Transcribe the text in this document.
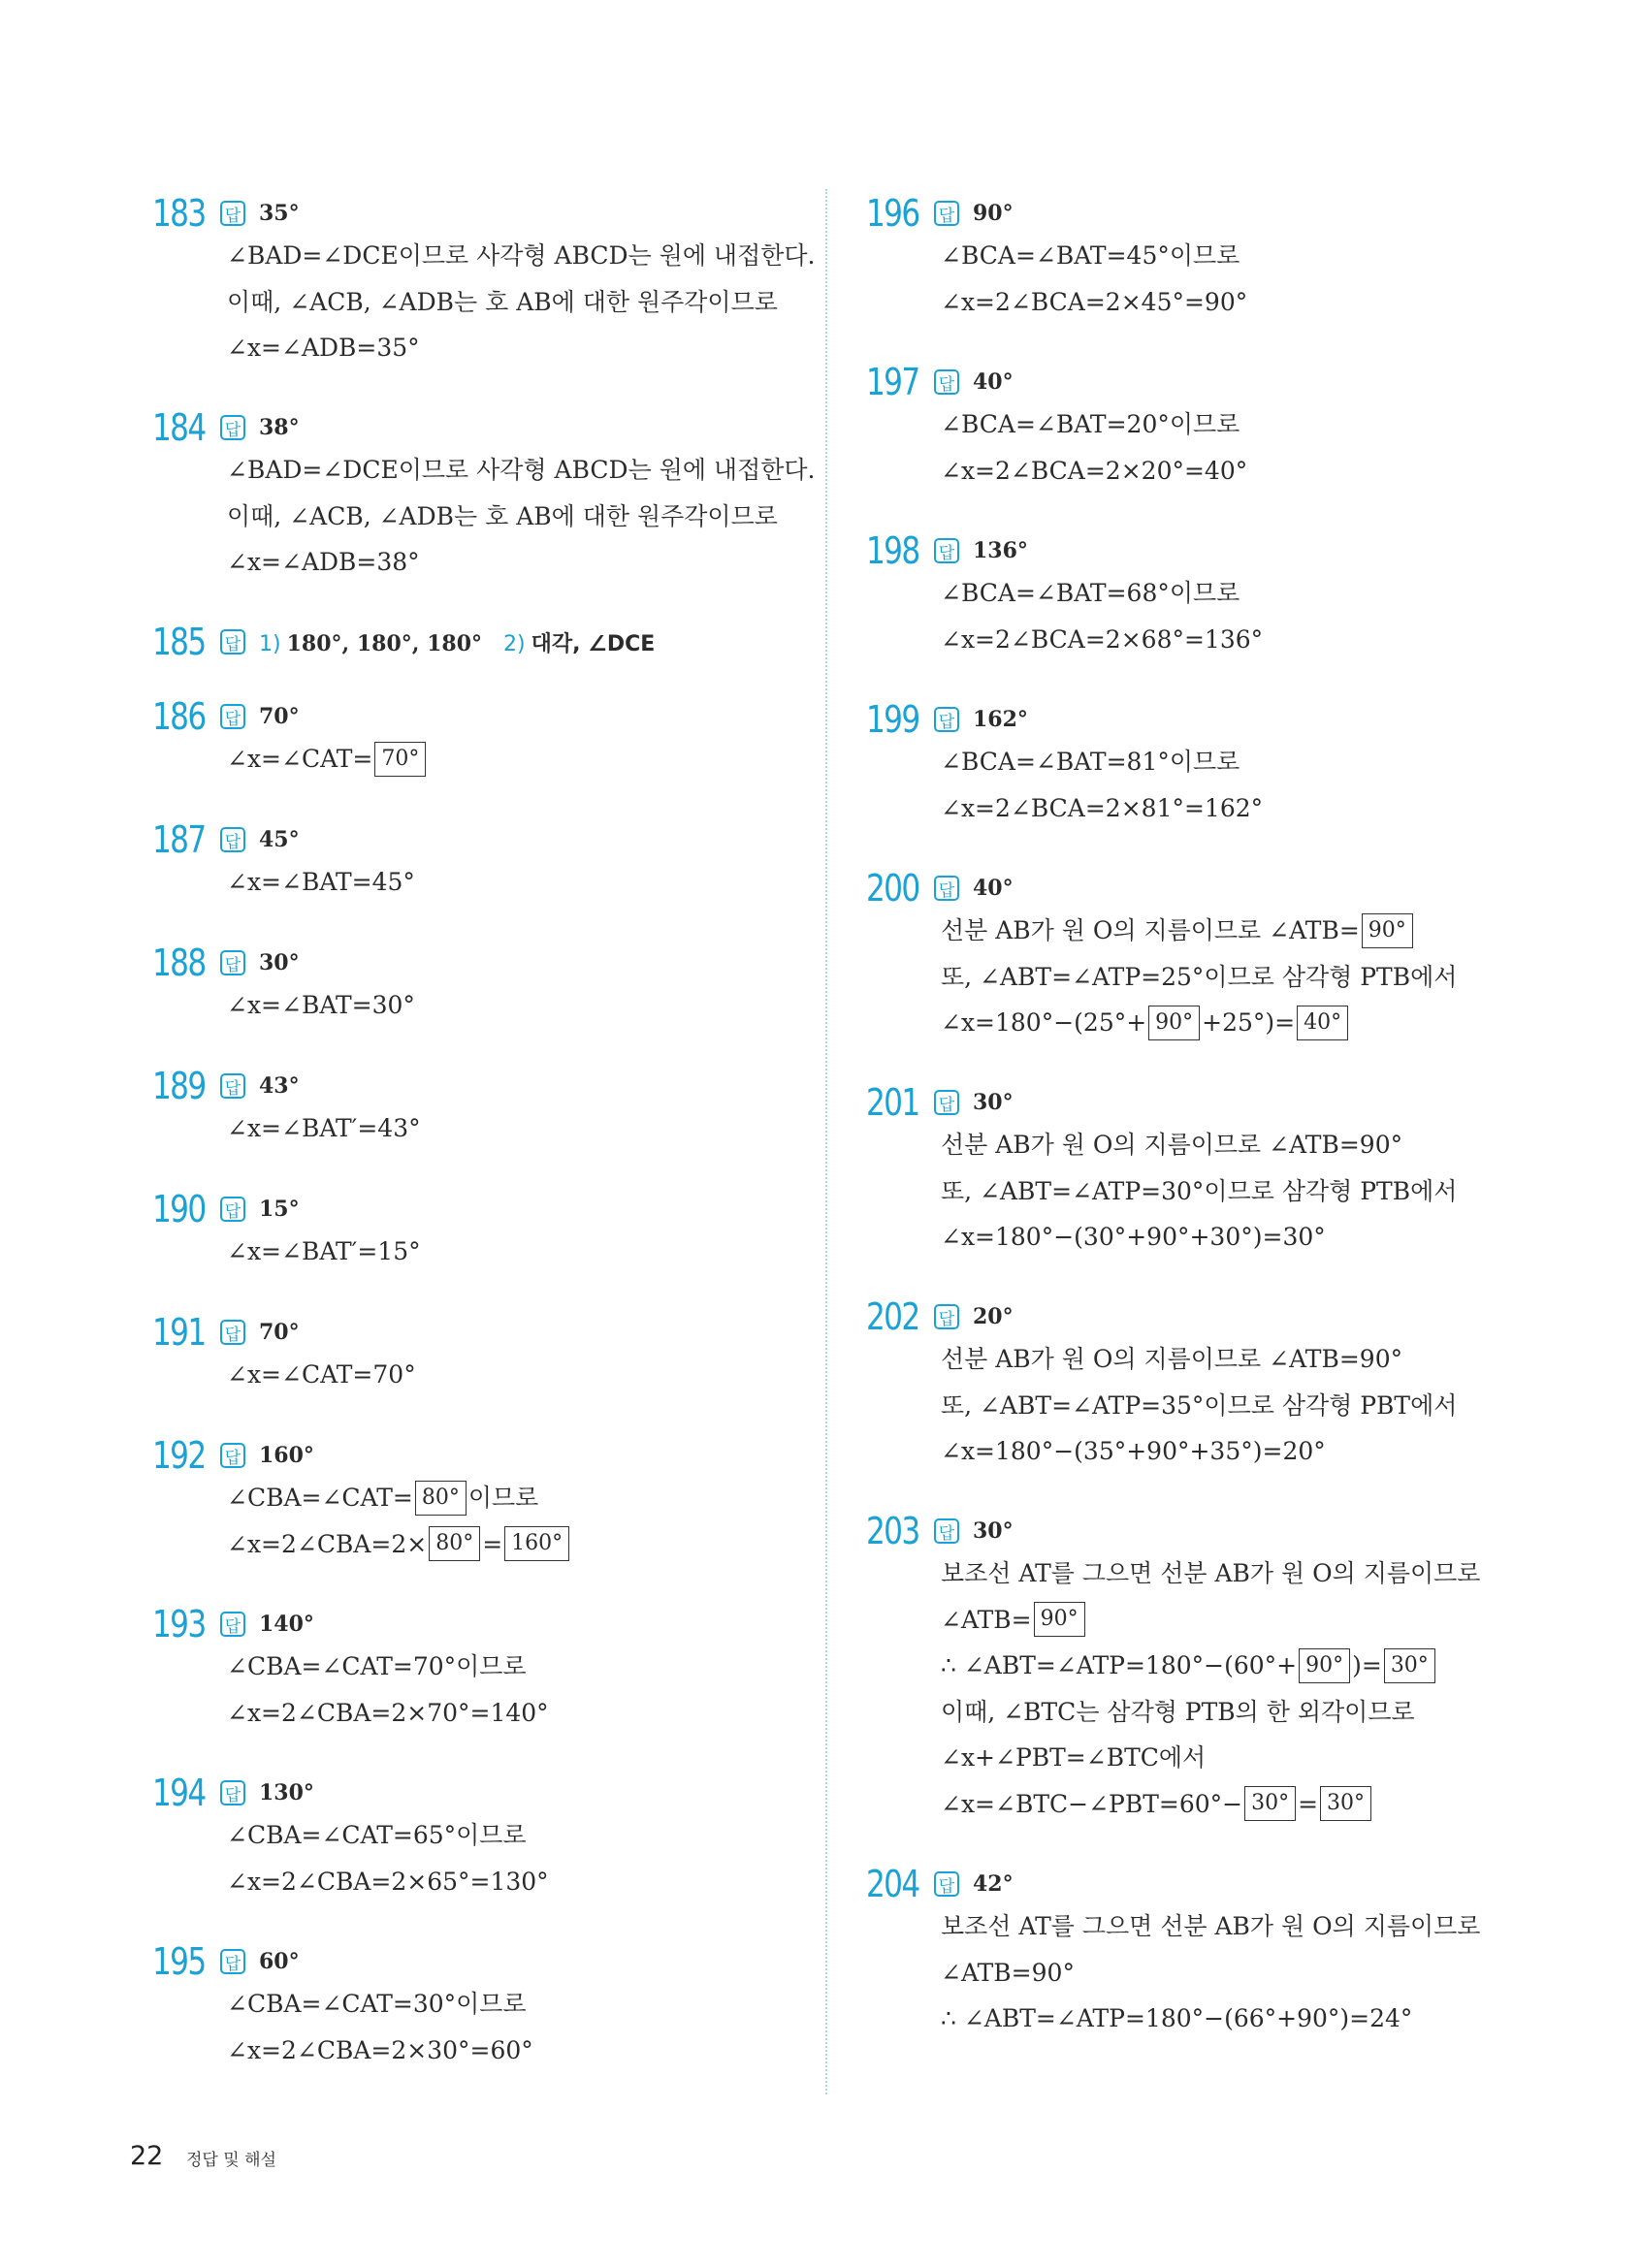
183	답 35°
∠BAD=∠DCE이므로 사각형 ABCD는 원에 내접한다.
이때, ∠ACB, ∠ADB는 호 AB에 대한 원주각이므로
∠x=∠ADB=35°
184	답 38°
∠BAD=∠DCE이므로 사각형 ABCD는 원에 내접한다.
이때, ∠ACB, ∠ADB는 호 AB에 대한 원주각이므로
∠x=∠ADB=38°
185	답 1) 180°, 180°, 180° 2) 대각, ∠DCE
186	답 70°
∠x=∠CAT= 70°
187	답 45°
∠x=∠BAT=45°
188	답 30°
∠x=∠BAT=30°
189	답 43°
∠x=∠BAT′=43°
190	답 15°
∠x=∠BAT′=15°
191	답 70°
∠x=∠CAT=70°
192	답 160°
∠CBA=∠CAT= 80° 이므로
∠x=2∠CBA=2× 80° = 160°
193	답 140°
∠CBA=∠CAT=70°이므로
∠x=2∠CBA=2×70°=140°
194	답 130°
∠CBA=∠CAT=65°이므로
∠x=2∠CBA=2×65°=130°
195	답 60°
∠CBA=∠CAT=30°이므로
∠x=2∠CBA=2×30°=60°
196	답 90°
∠BCA=∠BAT=45°이므로
∠x=2∠BCA=2×45°=90°
197	답 40°
∠BCA=∠BAT=20°이므로
∠x=2∠BCA=2×20°=40°
198	답 136°
∠BCA=∠BAT=68°이므로
∠x=2∠BCA=2×68°=136°
199	답 162°
∠BCA=∠BAT=81°이므로
∠x=2∠BCA=2×81°=162°
200	답 40°
선분 AB가 원 O의 지름이므로 ∠ATB= 90°
또, ∠ABT=∠ATP=25°이므로 삼각형 PTB에서
∠x=180°−(25°+ 90° +25°)= 40°
201	답 30°
선분 AB가 원 O의 지름이므로 ∠ATB=90°
또, ∠ABT=∠ATP=30°이므로 삼각형 PTB에서
∠x=180°−(30°+90°+30°)=30°
202	답 20°
선분 AB가 원 O의 지름이므로 ∠ATB=90°
또, ∠ABT=∠ATP=35°이므로 삼각형 PBT에서
∠x=180°−(35°+90°+35°)=20°
203	답 30°
보조선 AT를 그으면 선분 AB가 원 O의 지름이므로
∠ATB= 90°
∴ ∠ABT=∠ATP=180°−(60°+ 90° )= 30°
이때, ∠BTC는 삼각형 PTB의 한 외각이므로
∠x+∠PBT=∠BTC에서
∠x=∠BTC−∠PBT=60°− 30° = 30°
204	답 42°
보조선 AT를 그으면 선분 AB가 원 O의 지름이므로
∠ATB=90°
∴ ∠ABT=∠ATP=180°−(66°+90°)=24°
22 정답 및 해설
